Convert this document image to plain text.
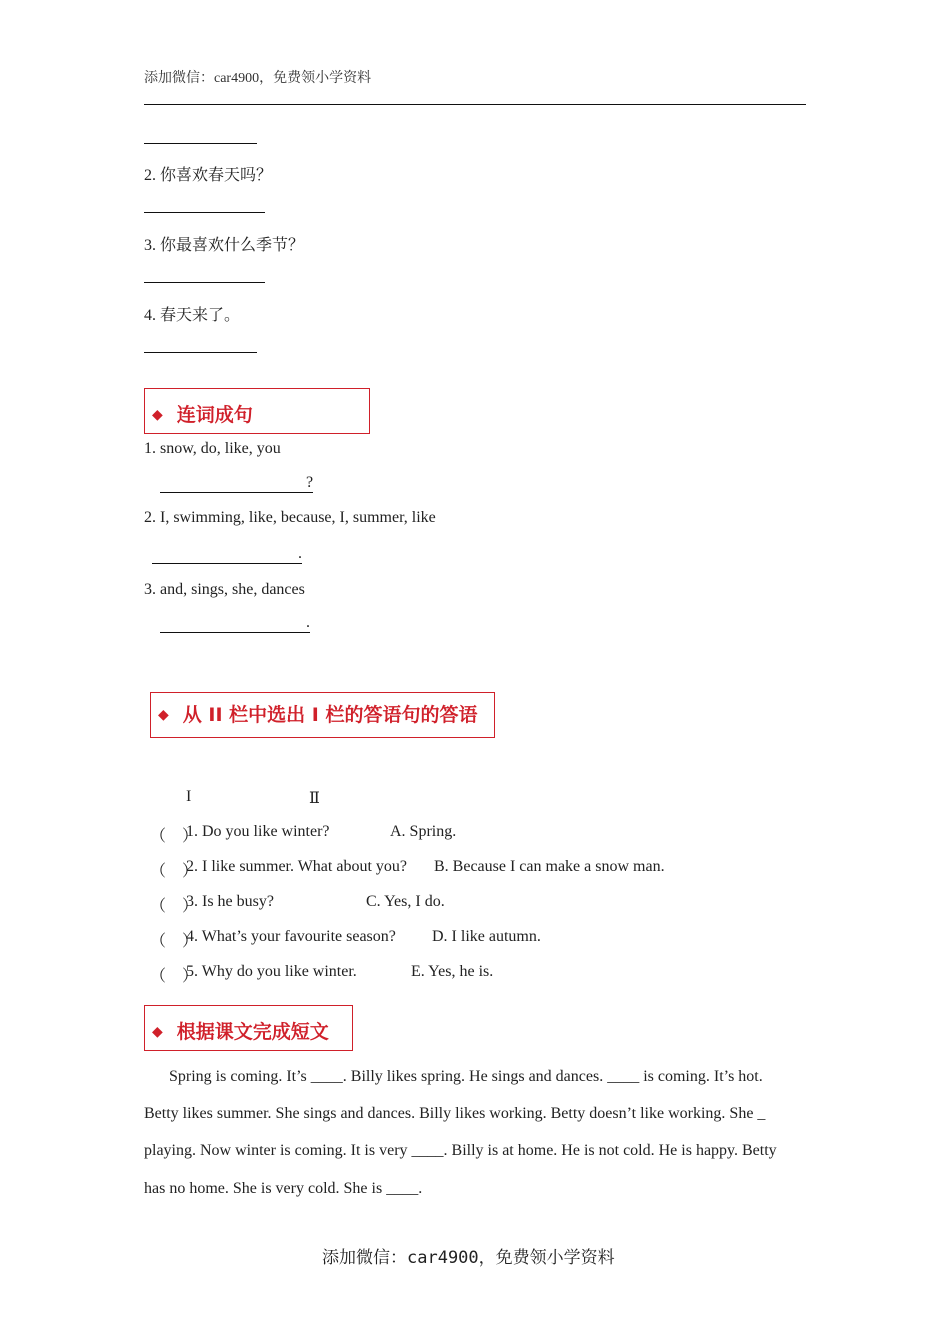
添加微信：car4900，免费领小学资料
2. 你喜欢春天吗？
3. 你最喜欢什么季节？
4. 春天来了。
◆ 连词成句
1. snow, do, like, you
?
2. I, swimming, like, because, I, summer, like
.
3. and, sings, she, dances
.
◆ 从 II 栏中选出 I 栏的答语句的答语
I	Ⅱ
（　）
1. Do you like winter?	A. Spring.
（　）
2. I like summer. What about you? B. Because I can make a snow man.
（　）
3. Is he busy?	C. Yes, I do.
（　）
4. What’s your favourite season? D. I like autumn.
（　）
5. Why do you like winter.	E. Yes, he is.
◆ 根据课文完成短文
Spring is coming. It’s ____. Billy likes spring. He sings and dances. ____ is coming. It’s hot.
Betty likes summer. She sings and dances. Billy likes working. Betty doesn’t like working. She _
playing. Now winter is coming. It is very ____. Billy is at home. He is not cold. He is happy. Betty
has no home. She is very cold. She is ____.
添加微信：car4900，免费领小学资料
